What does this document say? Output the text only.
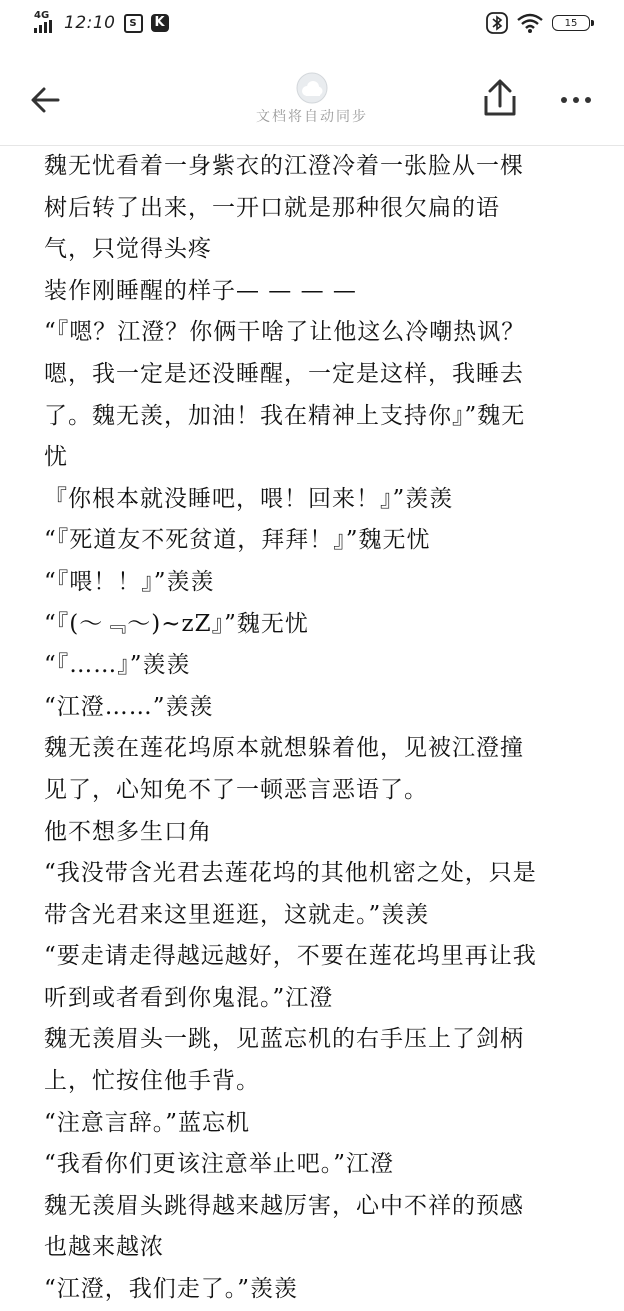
4G 12:10	S	K	15
文档将自动同步

魏无忧看着一身紫衣的江澄冷着一张脸从一棵

树后转了出来，一开口就是那种很欠扁的语

气，只觉得头疼

装作刚睡醒的样子— — — —

“『嗯？江澄？你俩干啥了让他这么冷嘲热讽？

嗯，我一定是还没睡醒，一定是这样，我睡去

了。魏无羡，加油！我在精神上支持你』”魏无

忧

『你根本就没睡吧，喂！回来！』”羡羡

“『死道友不死贫道，拜拜！』”魏无忧

“『喂！！』”羡羡

“『(～﹃～)~zZ』”魏无忧

“『……』”羡羡

“江澄……”羡羡

魏无羡在莲花坞原本就想躲着他，见被江澄撞

见了，心知免不了一顿恶言恶语了。

他不想多生口角

“我没带含光君去莲花坞的其他机密之处，只是

带含光君来这里逛逛，这就走。”羡羡

“要走请走得越远越好，不要在莲花坞里再让我

听到或者看到你鬼混。”江澄

魏无羡眉头一跳，见蓝忘机的右手压上了剑柄

上，忙按住他手背。

“注意言辞。”蓝忘机

“我看你们更该注意举止吧。”江澄

魏无羡眉头跳得越来越厉害，心中不祥的预感

也越来越浓

“江澄，我们走了。”羡羡
